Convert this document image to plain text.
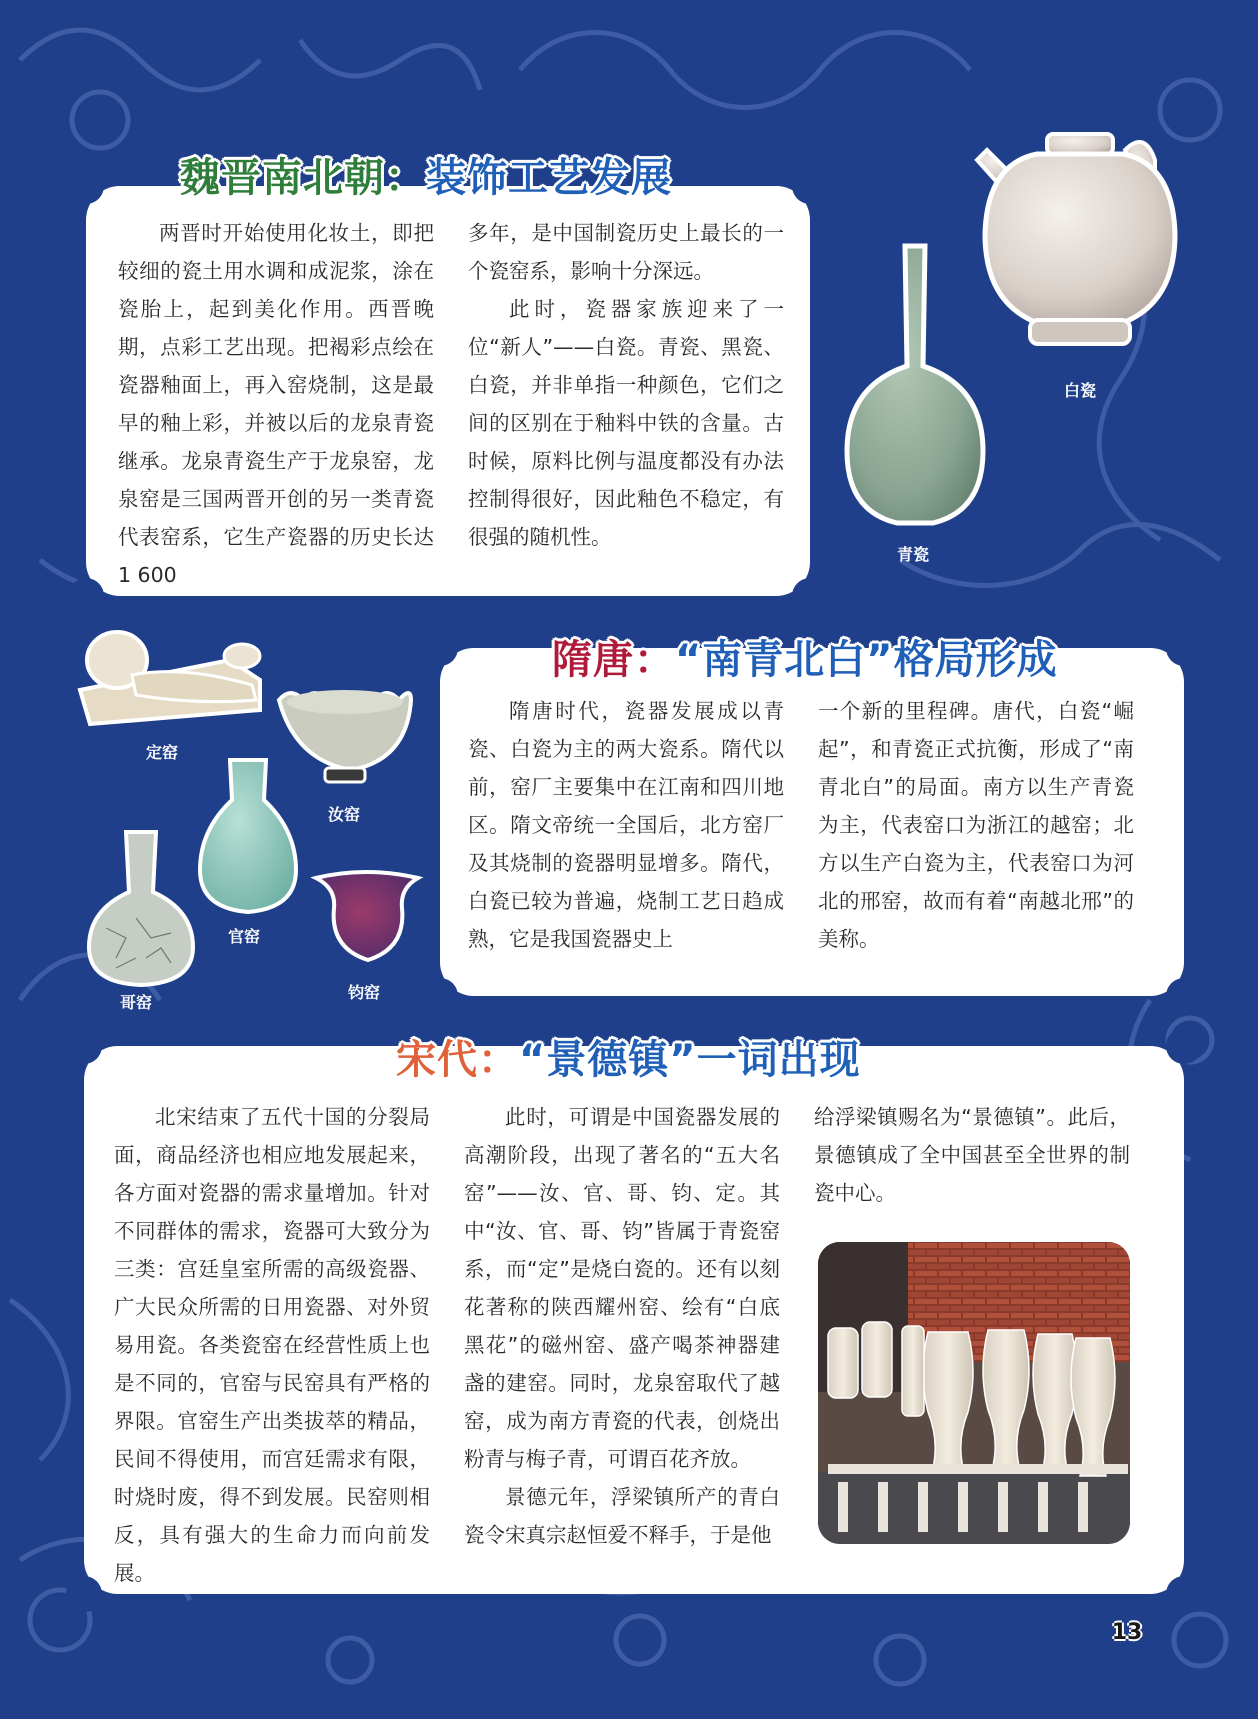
魏晋南北朝：装饰工艺发展

两晋时开始使用化妆土，即把较细的瓷土用水调和成泥浆，涂在瓷胎上，起到美化作用。西晋晚期，点彩工艺出现。把褐彩点绘在瓷器釉面上，再入窑烧制，这是最早的釉上彩，并被以后的龙泉青瓷继承。龙泉青瓷生产于龙泉窑，龙泉窑是三国两晋开创的另一类青瓷代表窑系，它生产瓷器的历史长达 1 600

多年，是中国制瓷历史上最长的一个瓷窑系，影响十分深远。

此时，瓷器家族迎来了一位“新人”——白瓷。青瓷、黑瓷、白瓷，并非单指一种颜色，它们之间的区别在于釉料中铁的含量。古时候，原料比例与温度都没有办法控制得很好，因此釉色不稳定，有很强的随机性。

白瓷
青瓷
隋唐：“南青北白”格局形成

隋唐时代，瓷器发展成以青瓷、白瓷为主的两大瓷系。隋代以前，窑厂主要集中在江南和四川地区。隋文帝统一全国后，北方窑厂及其烧制的瓷器明显增多。隋代，白瓷已较为普遍，烧制工艺日趋成熟，它是我国瓷器史上

一个新的里程碑。唐代，白瓷“崛起”，和青瓷正式抗衡，形成了“南青北白”的局面。南方以生产青瓷为主，代表窑口为浙江的越窑；北方以生产白瓷为主，代表窑口为河北的邢窑，故而有着“南越北邢”的美称。

定窑
汝窑
官窑
哥窑
钧窑
宋代：“景德镇”一词出现

北宋结束了五代十国的分裂局面，商品经济也相应地发展起来，各方面对瓷器的需求量增加。针对不同群体的需求，瓷器可大致分为三类：宫廷皇室所需的高级瓷器、广大民众所需的日用瓷器、对外贸易用瓷。各类瓷窑在经营性质上也是不同的，官窑与民窑具有严格的界限。官窑生产出类拔萃的精品，民间不得使用，而宫廷需求有限，时烧时废，得不到发展。民窑则相反，具有强大的生命力而向前发展。

此时，可谓是中国瓷器发展的高潮阶段，出现了著名的“五大名窑”——汝、官、哥、钧、定。其中“汝、官、哥、钧”皆属于青瓷窑系，而“定”是烧白瓷的。还有以刻花著称的陕西耀州窑、绘有“白底黑花”的磁州窑、盛产喝茶神器建盏的建窑。同时，龙泉窑取代了越窑，成为南方青瓷的代表，创烧出粉青与梅子青，可谓百花齐放。

景德元年，浮梁镇所产的青白瓷令宋真宗赵恒爱不释手，于是他

给浮梁镇赐名为“景德镇”。此后，景德镇成了全中国甚至全世界的制瓷中心。

13
